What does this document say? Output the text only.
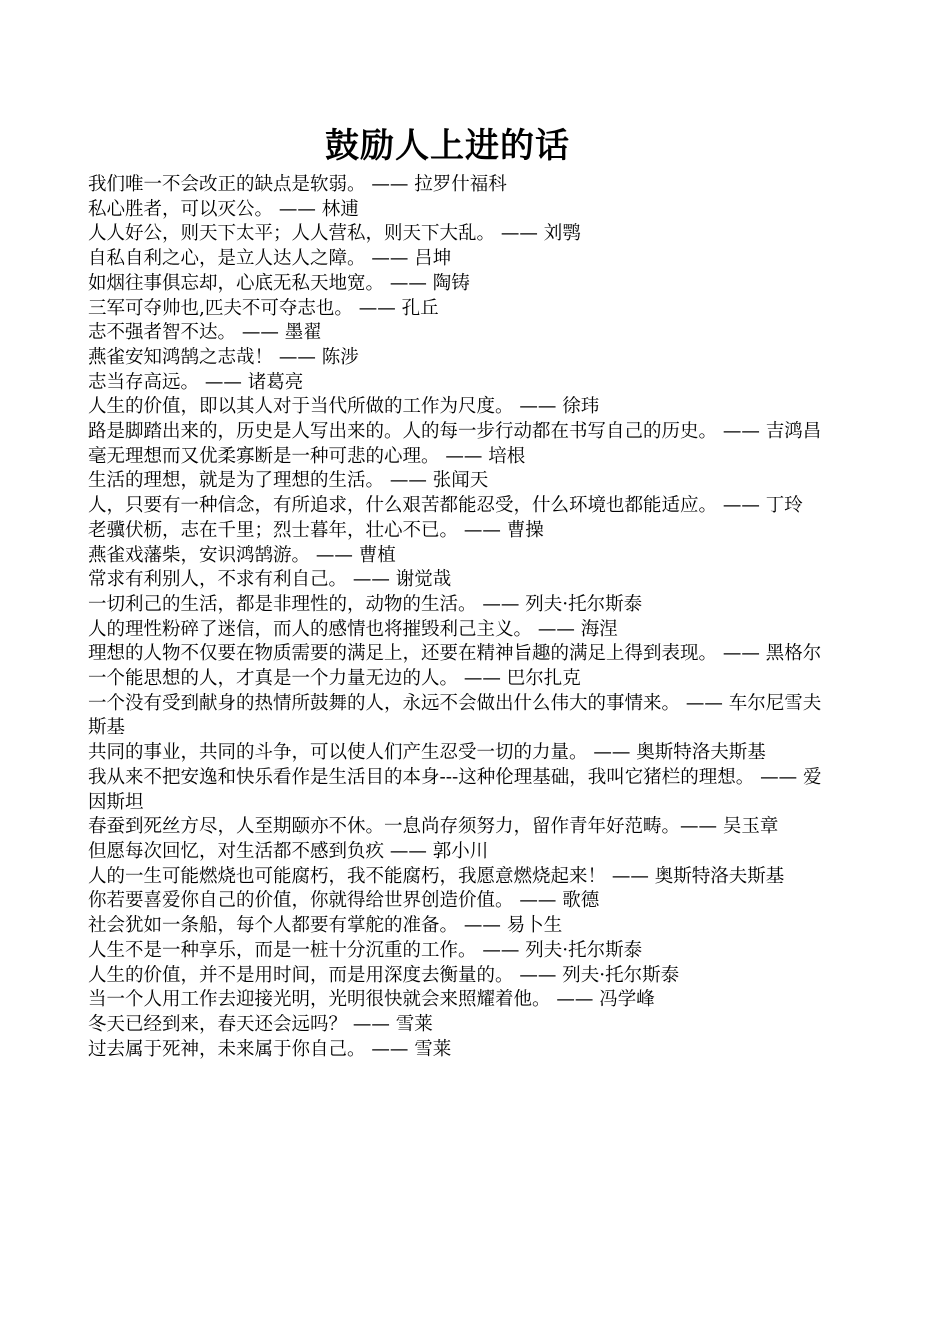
鼓励人上进的话
我们唯一不会改正的缺点是软弱。 —— 拉罗什福科
私心胜者，可以灭公。 —— 林逋
人人好公，则天下太平；人人营私，则天下大乱。 —— 刘鹗
自私自利之心，是立人达人之障。 —— 吕坤
如烟往事俱忘却，心底无私天地宽。 —— 陶铸
三军可夺帅也,匹夫不可夺志也。 —— 孔丘
志不强者智不达。 —— 墨翟
燕雀安知鸿鹄之志哉！ —— 陈涉
志当存高远。 —— 诸葛亮
人生的价值，即以其人对于当代所做的工作为尺度。 —— 徐玮
路是脚踏出来的，历史是人写出来的。人的每一步行动都在书写自己的历史。 —— 吉鸿昌
毫无理想而又优柔寡断是一种可悲的心理。 —— 培根
生活的理想，就是为了理想的生活。 —— 张闻天
人，只要有一种信念，有所追求，什么艰苦都能忍受，什么环境也都能适应。 —— 丁玲
老骥伏枥，志在千里；烈士暮年，壮心不已。 —— 曹操
燕雀戏藩柴，安识鸿鹄游。 —— 曹植
常求有利别人，不求有利自己。 —— 谢觉哉
一切利己的生活，都是非理性的，动物的生活。 —— 列夫·托尔斯泰
人的理性粉碎了迷信，而人的感情也将摧毁利己主义。 —— 海涅
理想的人物不仅要在物质需要的满足上，还要在精神旨趣的满足上得到表现。 —— 黑格尔
一个能思想的人，才真是一个力量无边的人。 —— 巴尔扎克
一个没有受到献身的热情所鼓舞的人，永远不会做出什么伟大的事情来。 —— 车尔尼雪夫斯基
共同的事业，共同的斗争，可以使人们产生忍受一切的力量。 —— 奥斯特洛夫斯基
我从来不把安逸和快乐看作是生活目的本身---这种伦理基础，我叫它猪栏的理想。 —— 爱因斯坦
春蚕到死丝方尽，人至期颐亦不休。一息尚存须努力，留作青年好范畴。—— 吴玉章
但愿每次回忆，对生活都不感到负疚 —— 郭小川
人的一生可能燃烧也可能腐朽，我不能腐朽，我愿意燃烧起来！ —— 奥斯特洛夫斯基
你若要喜爱你自己的价值，你就得给世界创造价值。 —— 歌德
社会犹如一条船，每个人都要有掌舵的准备。 —— 易卜生
人生不是一种享乐，而是一桩十分沉重的工作。 —— 列夫·托尔斯泰
人生的价值，并不是用时间，而是用深度去衡量的。 —— 列夫·托尔斯泰
当一个人用工作去迎接光明，光明很快就会来照耀着他。 —— 冯学峰
冬天已经到来，春天还会远吗？ —— 雪莱
过去属于死神，未来属于你自己。 —— 雪莱
